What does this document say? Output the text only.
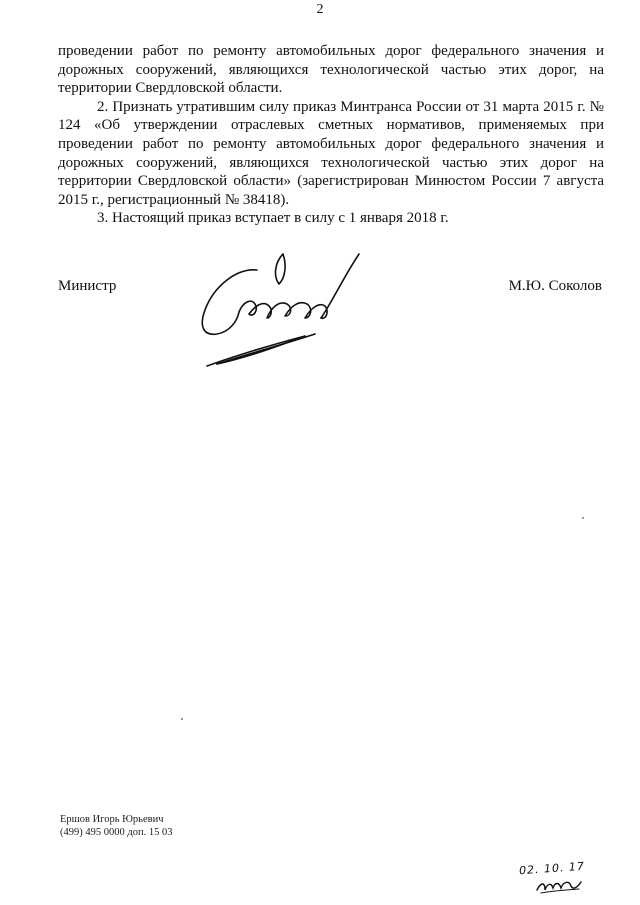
2

проведении работ по ремонту автомобильных дорог федерального значения и дорожных сооружений, являющихся технологической частью этих дорог, на территории Свердловской области.

2. Признать утратившим силу приказ Минтранса России от 31 марта 2015 г. № 124 «Об утверждении отраслевых сметных нормативов, применяемых при проведении работ по ремонту автомобильных дорог федерального значения и дорожных сооружений, являющихся технологической частью этих дорог на территории Свердловской области» (зарегистрирован Минюстом России 7 августа 2015 г., регистрационный № 38418).

3. Настоящий приказ вступает в силу с 1 января 2018 г.

Министр	М.Ю. Соколов
Ершов Игорь Юрьевич
(499) 495 0000 доп. 15 03
02. 10. 17
